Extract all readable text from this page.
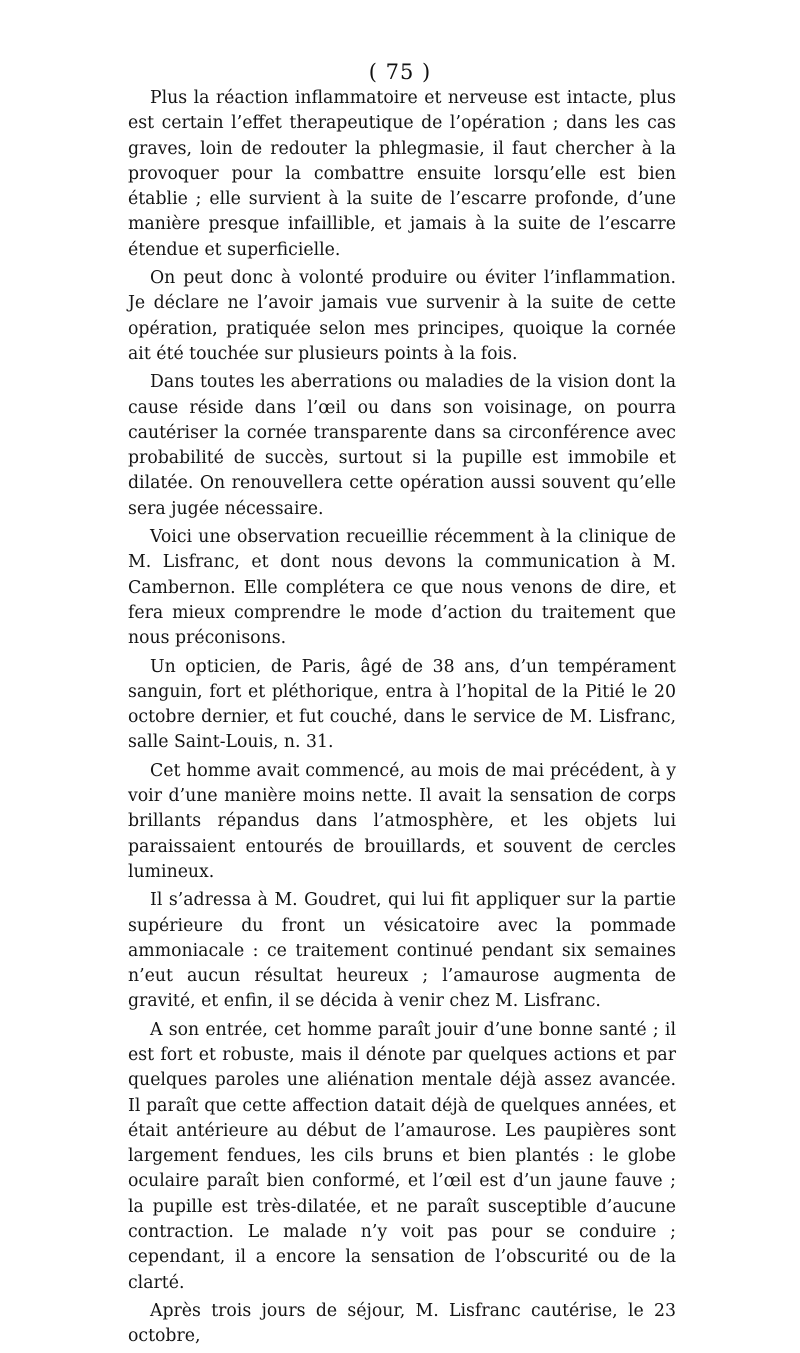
( 75 )

Plus la réaction inflammatoire et nerveuse est intacte, plus est certain l’effet therapeutique de l’opération ; dans les cas graves, loin de redouter la phlegmasie, il faut chercher à la provoquer pour la combattre ensuite lorsqu’elle est bien établie ; elle survient à la suite de l’escarre profonde, d’une manière presque infaillible, et jamais à la suite de l’escarre étendue et superficielle.

On peut donc à volonté produire ou éviter l’inflammation. Je déclare ne l’avoir jamais vue survenir à la suite de cette opération, pratiquée selon mes principes, quoique la cornée ait été touchée sur plusieurs points à la fois.

Dans toutes les aberrations ou maladies de la vision dont la cause réside dans l’œil ou dans son voisinage, on pourra cautériser la cornée transparente dans sa circonférence avec probabilité de succès, surtout si la pupille est immobile et dilatée. On renouvellera cette opération aussi souvent qu’elle sera jugée nécessaire.

Voici une observation recueillie récemment à la clinique de M. Lisfranc, et dont nous devons la communication à M. Cambernon. Elle complétera ce que nous venons de dire, et fera mieux comprendre le mode d’action du traitement que nous préconisons.

Un opticien, de Paris, âgé de 38 ans, d’un tempérament sanguin, fort et pléthorique, entra à l’hopital de la Pitié le 20 octobre dernier, et fut couché, dans le service de M. Lisfranc, salle Saint-Louis, n. 31.

Cet homme avait commencé, au mois de mai précédent, à y voir d’une manière moins nette. Il avait la sensation de corps brillants répandus dans l’atmosphère, et les objets lui paraissaient entourés de brouillards, et souvent de cercles lumineux.

Il s’adressa à M. Goudret, qui lui fit appliquer sur la partie supérieure du front un vésicatoire avec la pommade ammoniacale : ce traitement continué pendant six semaines n’eut aucun résultat heureux ; l’amaurose augmenta de gravité, et enfin, il se décida à venir chez M. Lisfranc.

A son entrée, cet homme paraît jouir d’une bonne santé ; il est fort et robuste, mais il dénote par quelques actions et par quelques paroles une aliénation mentale déjà assez avancée. Il paraît que cette affection datait déjà de quelques années, et était antérieure au début de l’amaurose. Les paupières sont largement fendues, les cils bruns et bien plantés : le globe oculaire paraît bien conformé, et l’œil est d’un jaune fauve ; la pupille est très-dilatée, et ne paraît susceptible d’aucune contraction. Le malade n’y voit pas pour se conduire ; cependant, il a encore la sensation de l’obscurité ou de la clarté.

Après trois jours de séjour, M. Lisfranc cautérise, le 23 octobre,
